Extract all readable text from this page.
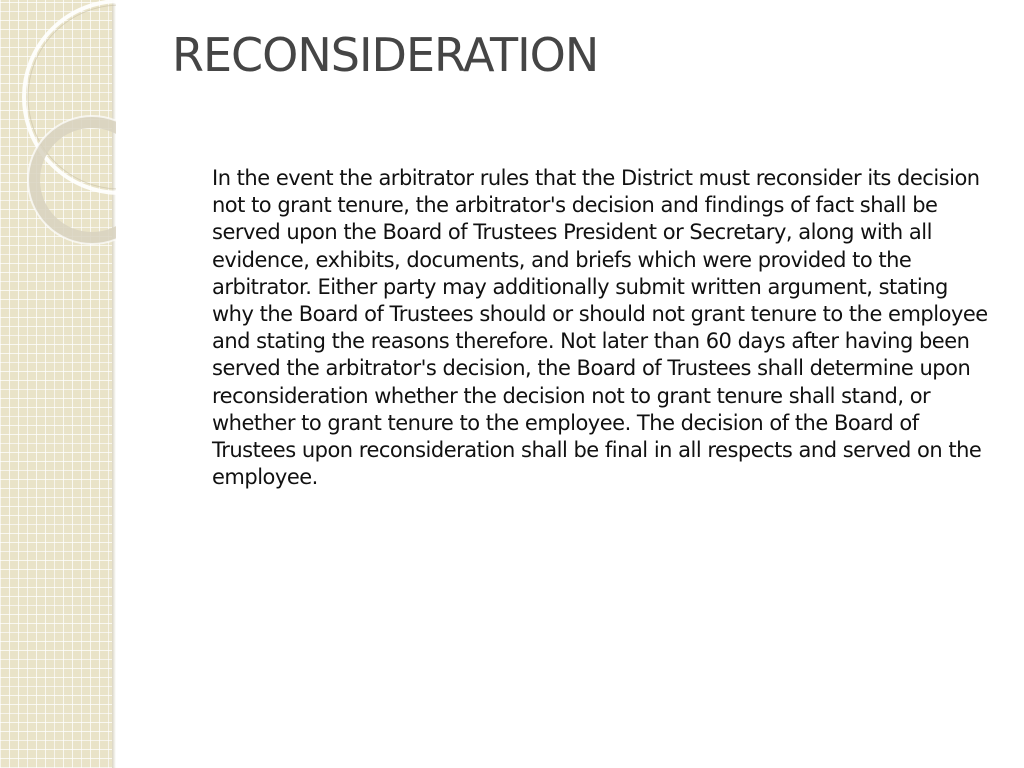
RECONSIDERATION

In the event the arbitrator rules that the District must reconsider its decision not to grant tenure, the arbitrator's decision and findings of fact shall be served upon the Board of Trustees President or Secretary, along with all evidence, exhibits, documents, and briefs which were provided to the arbitrator. Either party may additionally submit written argument, stating why the Board of Trustees should or should not grant tenure to the employee and stating the reasons therefore. Not later than 60 days after having been served the arbitrator's decision, the Board of Trustees shall determine upon reconsideration whether the decision not to grant tenure shall stand, or whether to grant tenure to the employee. The decision of the Board of Trustees upon reconsideration shall be final in all respects and served on the employee.
